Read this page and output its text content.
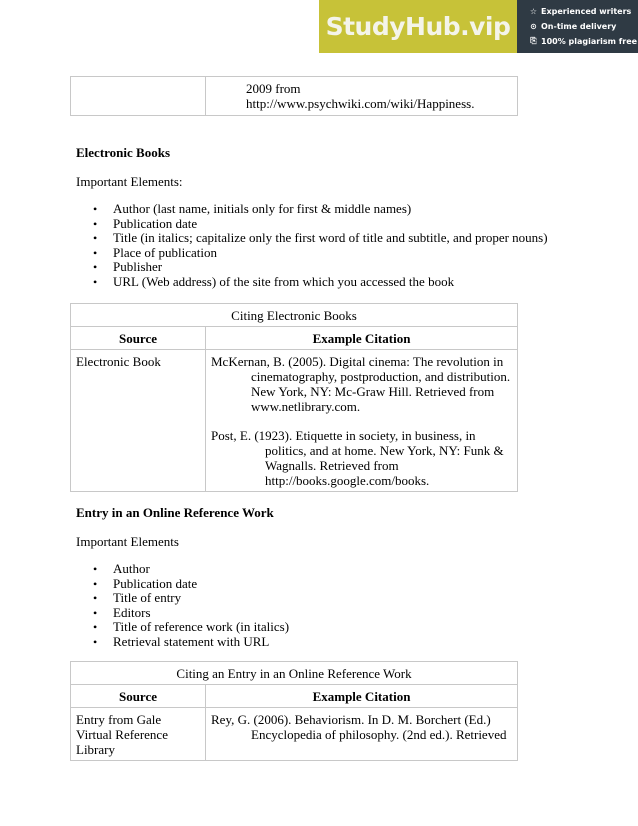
StudyHub.vip
☆ Experienced writers
⊙ On-time delivery
⎘ 100% plagiarism free

2009 from
http://www.psychwiki.com/wiki/Happiness.
Electronic Books
Important Elements:
• Author (last name, initials only for first & middle names)
• Publication date
• Title (in italics; capitalize only the first word of title and subtitle, and proper nouns)
• Place of publication
• Publisher
• URL (Web address) of the site from which you accessed the book
Citing Electronic Books	
Source	Example Citation
Electronic Book	McKernan, B. (2005). Digital cinema: The revolution in cinematography, postproduction, and distribution. New York, NY: Mc-Graw Hill. Retrieved from www.netlibrary.com.
Post, E. (1923). Etiquette in society, in business, in politics, and at home. New York, NY: Funk & Wagnalls. Retrieved from http://books.google.com/books.
Entry in an Online Reference Work
Important Elements
• Author
• Publication date
• Title of entry
• Editors
• Title of reference work (in italics)
• Retrieval statement with URL
Citing an Entry in an Online Reference Work	
Source	Example Citation
Entry from Gale Virtual Reference Library	Rey, G. (2006). Behaviorism. In D. M. Borchert (Ed.) Encyclopedia of philosophy. (2nd ed.). Retrieved
